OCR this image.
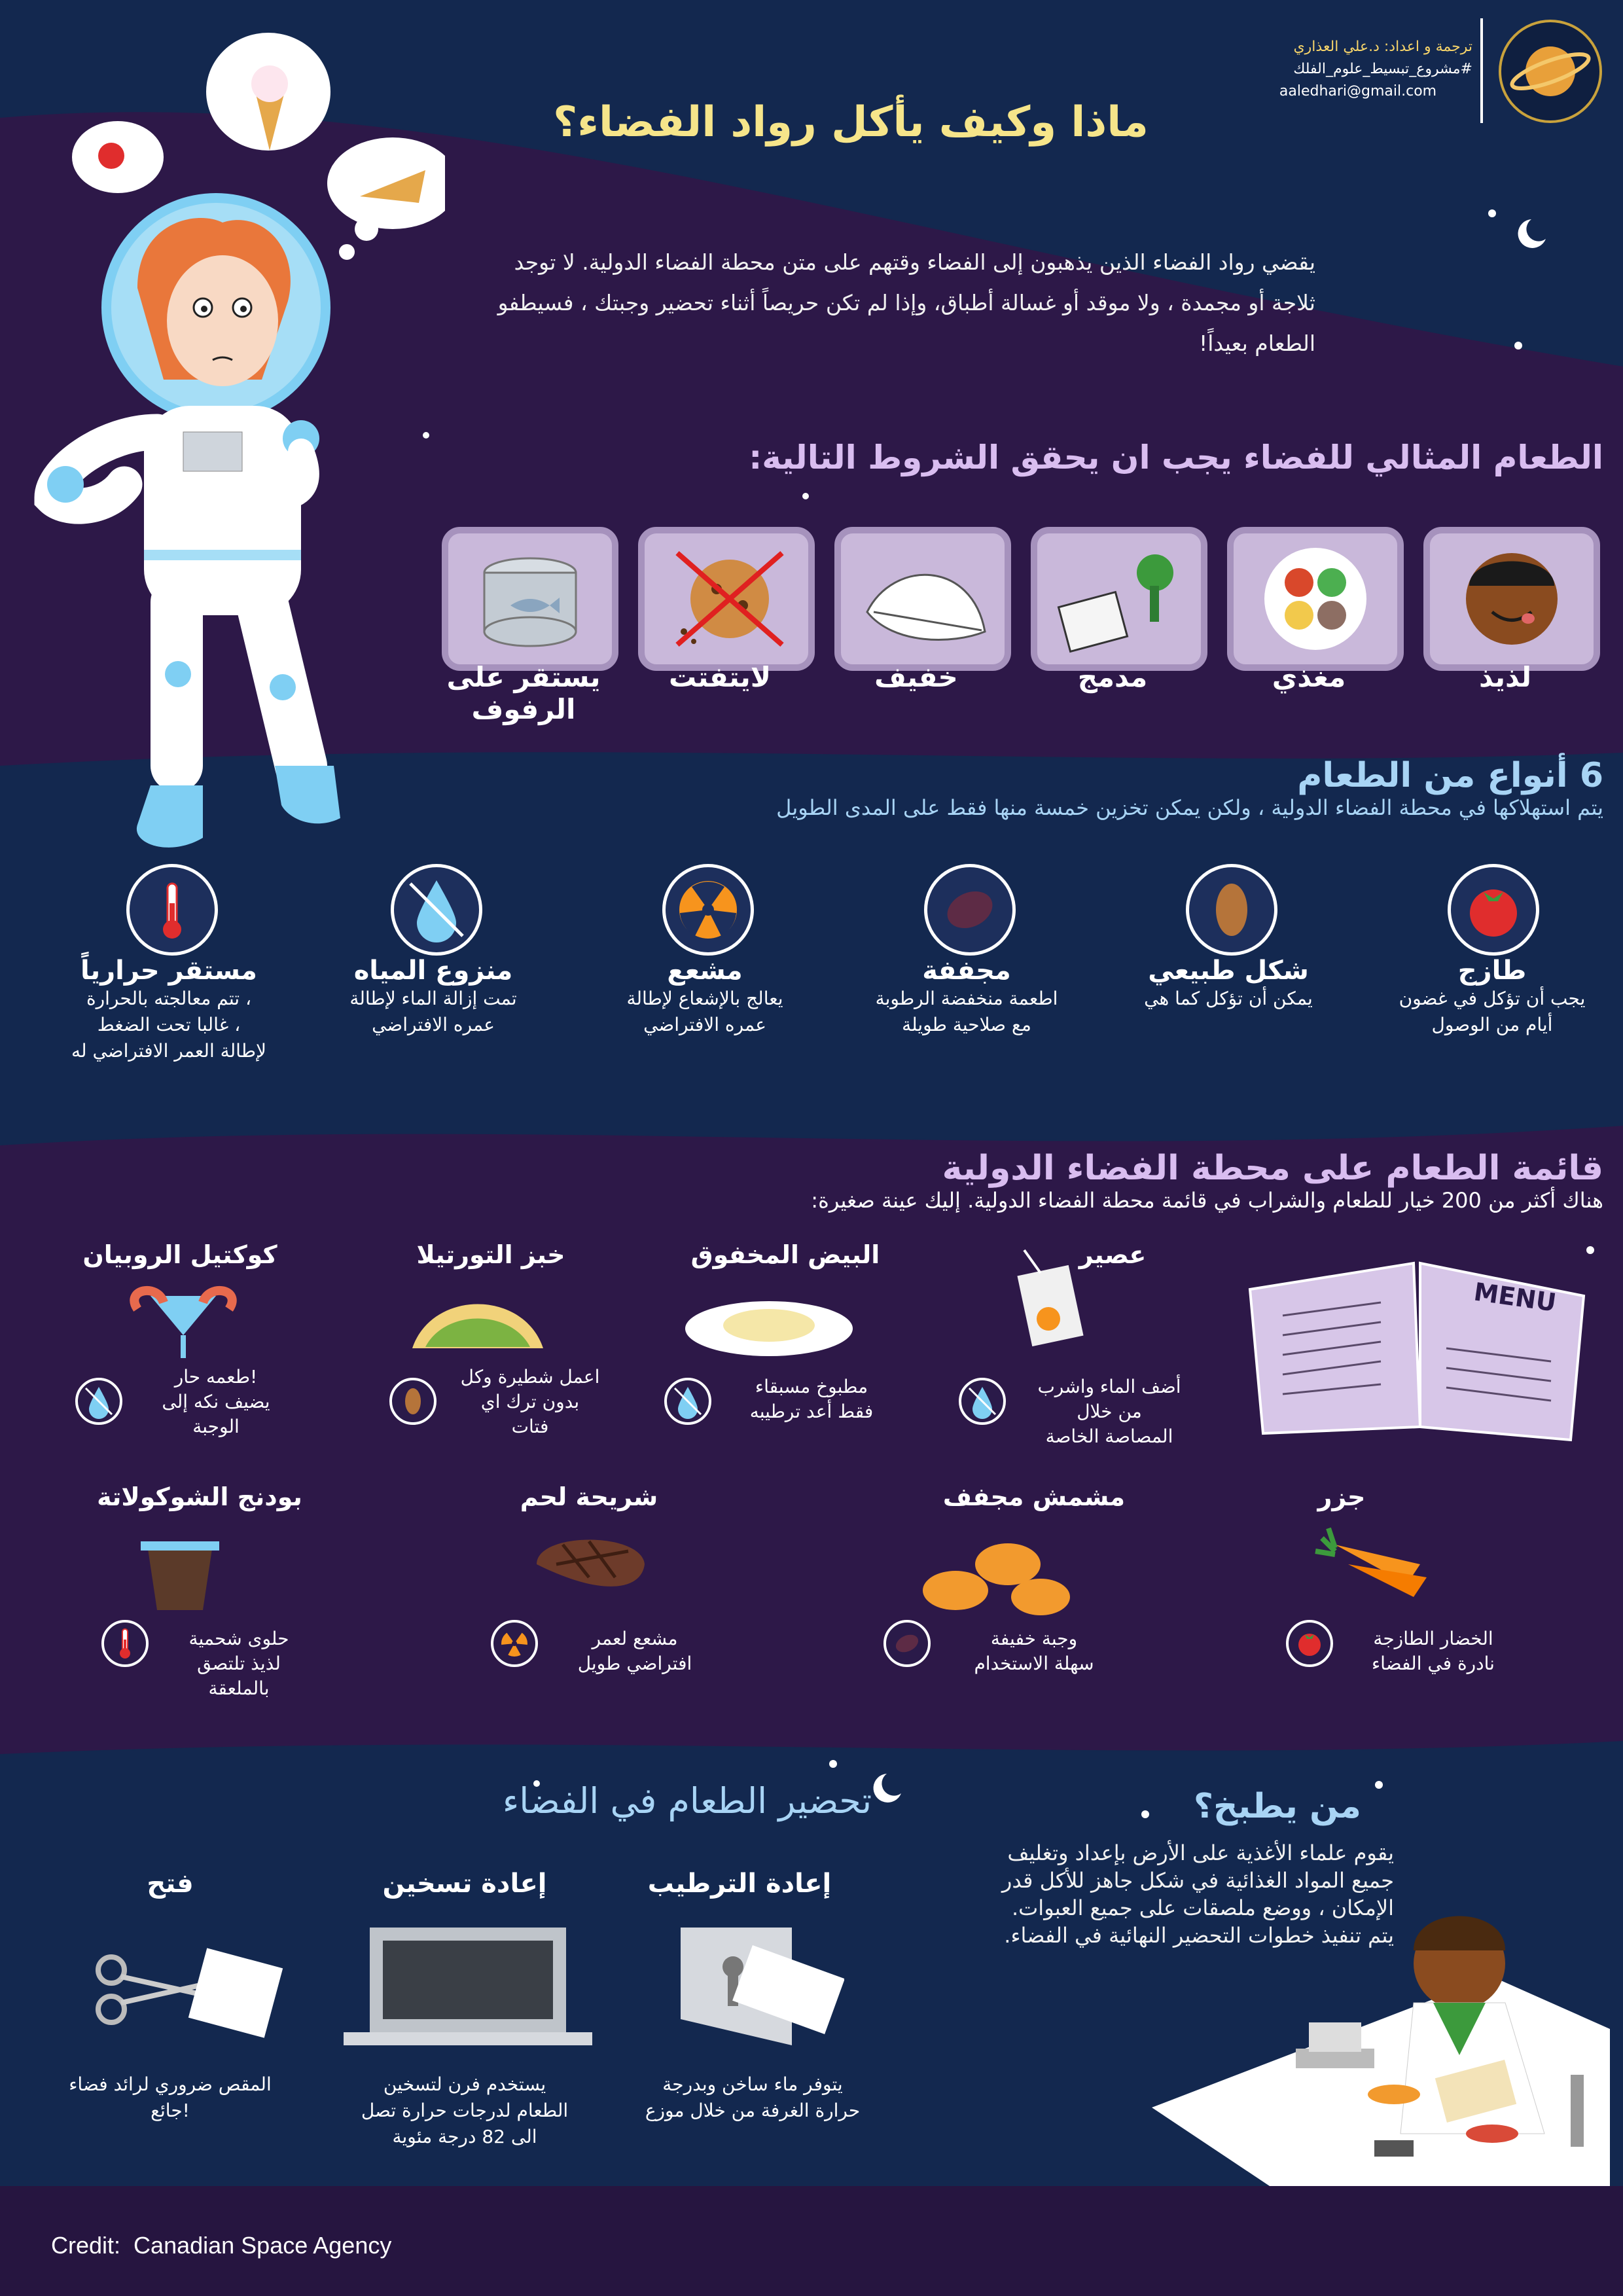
ترجمة و اعداد: د.علي العذاري
#مشروع_تبسيط_علوم_الفلك
aaledhari@gmail.com
ماذا وكيف يأكل رواد الفضاء؟
يقضي رواد الفضاء الذين يذهبون إلى الفضاء وقتهم على متن محطة الفضاء الدولية. لا توجد ثلاجة أو مجمدة ، ولا موقد أو غسالة أطباق، وإذا لم تكن حريصاً أثناء تحضير وجبتك ، فسيطفو الطعام بعيداً!
الطعام المثالي للفضاء يجب ان يحقق الشروط التالية:
لذيذ
مغذي
مدمج
خفيف
لايتفتت
يستقر على الرفوف
6 أنواع من الطعام
يتم استهلاكها في محطة الفضاء الدولية ، ولكن يمكن تخزين خمسة منها فقط على المدى الطويل
طازج
يجب أن تؤكل في غضون
أيام من الوصول
شكل طبيعي
يمكن أن تؤكل كما هي
مجففة
اطعمة منخفضة الرطوبة
مع صلاحية طويلة
مشعع
يعالج بالإشعاع لإطالة
عمره الافتراضي
منزوع المياه
تمت إزالة الماء لإطالة
عمره الافتراضي
مستقر حرارياً
تتم معالجته بالحرارة ،
غالبا تحت الضغط ،
لإطالة العمر الافتراضي له
قائمة الطعام على محطة الفضاء الدولية
هناك أكثر من 200 خيار للطعام والشراب في قائمة محطة الفضاء الدولية. إليك عينة صغيرة:
MENU
عصير
أضف الماء واشرب
من خلال
المصاصة الخاصة
البيض المخفوق
مطبوخ مسبقاء
فقط أعد ترطيبه
خبز التورتيلا
اعمل شطيرة وكل
بدون ترك اي
فتات
كوكتيل الروبيان
طعمه حار!
يضيف نكه إلى
الوجبة
جزر
الخضار الطازجة
نادرة في الفضاء
مشمش مجفف
وجبة خفيفة
سهلة الاستخدام
شريحة لحم
مشعع لعمر
افتراضي طويل
بودنج الشوكولاتة
حلوى شحمية
لذيذ تلتصق
بالملعقة
تحضير الطعام في الفضاء
إعادة الترطيب
يتوفر ماء ساخن وبدرجة
حرارة الغرفة من خلال موزع
إعادة تسخين
يستخدم فرن لتسخين
الطعام لدرجات حرارة تصل
الى 82 درجة مئوية
فتح
المقص ضروري لرائد فضاء
جائع!
من يطبخ؟
يقوم علماء الأغذية على الأرض بإعداد وتغليف جميع المواد الغذائية في شكل جاهز للأكل قدر الإمكان ، ووضع ملصقات على جميع العبوات. يتم تنفيذ خطوات التحضير النهائية في الفضاء.
Credit: Canadian Space Agency
